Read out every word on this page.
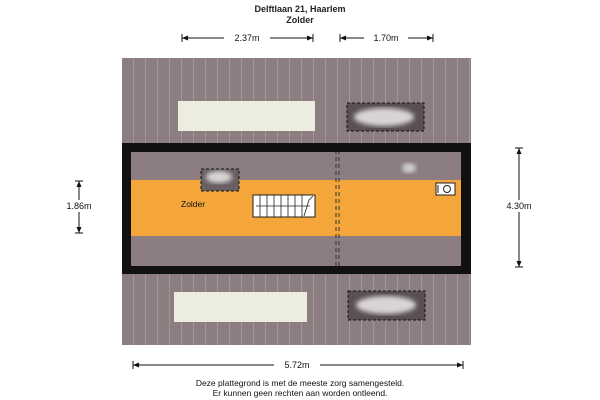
Delftlaan 21, Haarlem
Zolder
Zolder
2.37m	1.70m
1.86m	4.30m
5.72m
Deze plattegrond is met de meeste zorg samengesteld.
Er kunnen geen rechten aan worden ontleend.
